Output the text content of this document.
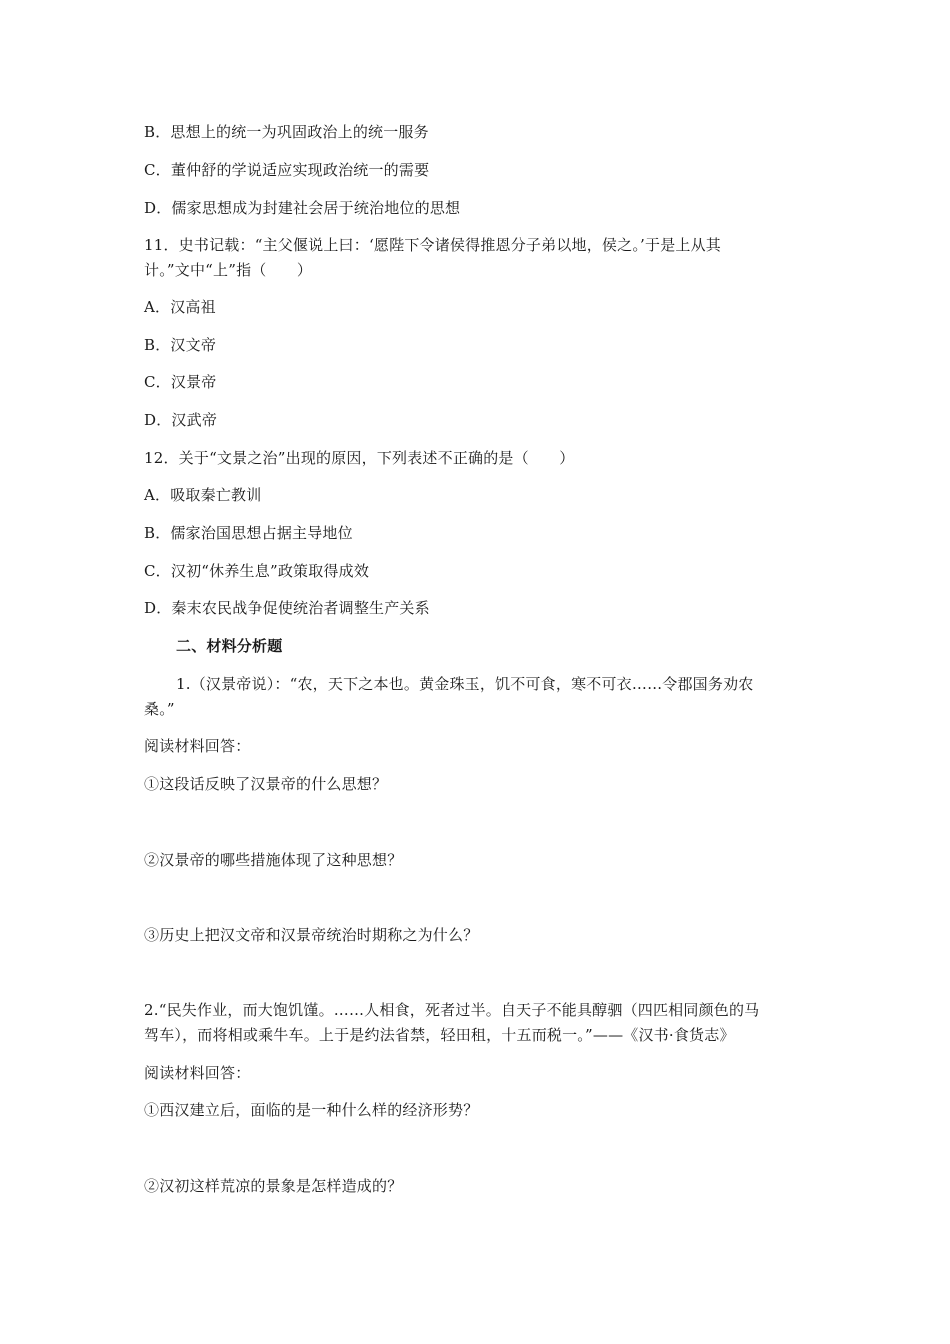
B．思想上的统一为巩固政治上的统一服务
C．董仲舒的学说适应实现政治统一的需要
D．儒家思想成为封建社会居于统治地位的思想
11．史书记载：“主父偃说上曰：‘愿陛下令诸侯得推恩分子弟以地，侯之。’于是上从其
计。”文中“上”指（　　）
A．汉高祖
B．汉文帝
C．汉景帝
D．汉武帝
12．关于“文景之治”出现的原因，下列表述不正确的是（　　）
A．吸取秦亡教训
B．儒家治国思想占据主导地位
C．汉初“休养生息”政策取得成效
D．秦末农民战争促使统治者调整生产关系
二、材料分析题
1.（汉景帝说）：“农，天下之本也。黄金珠玉，饥不可食，寒不可衣……令郡国务劝农
桑。”
阅读材料回答：
①这段话反映了汉景帝的什么思想？
②汉景帝的哪些措施体现了这种思想？
③历史上把汉文帝和汉景帝统治时期称之为什么？
2.“民失作业，而大饱饥馑。……人相食，死者过半。自天子不能具醇驷（四匹相同颜色的马
驾车），而将相或乘牛车。上于是约法省禁，轻田租，十五而税一。”——《汉书·食货志》
阅读材料回答：
①西汉建立后，面临的是一种什么样的经济形势？
②汉初这样荒凉的景象是怎样造成的？
